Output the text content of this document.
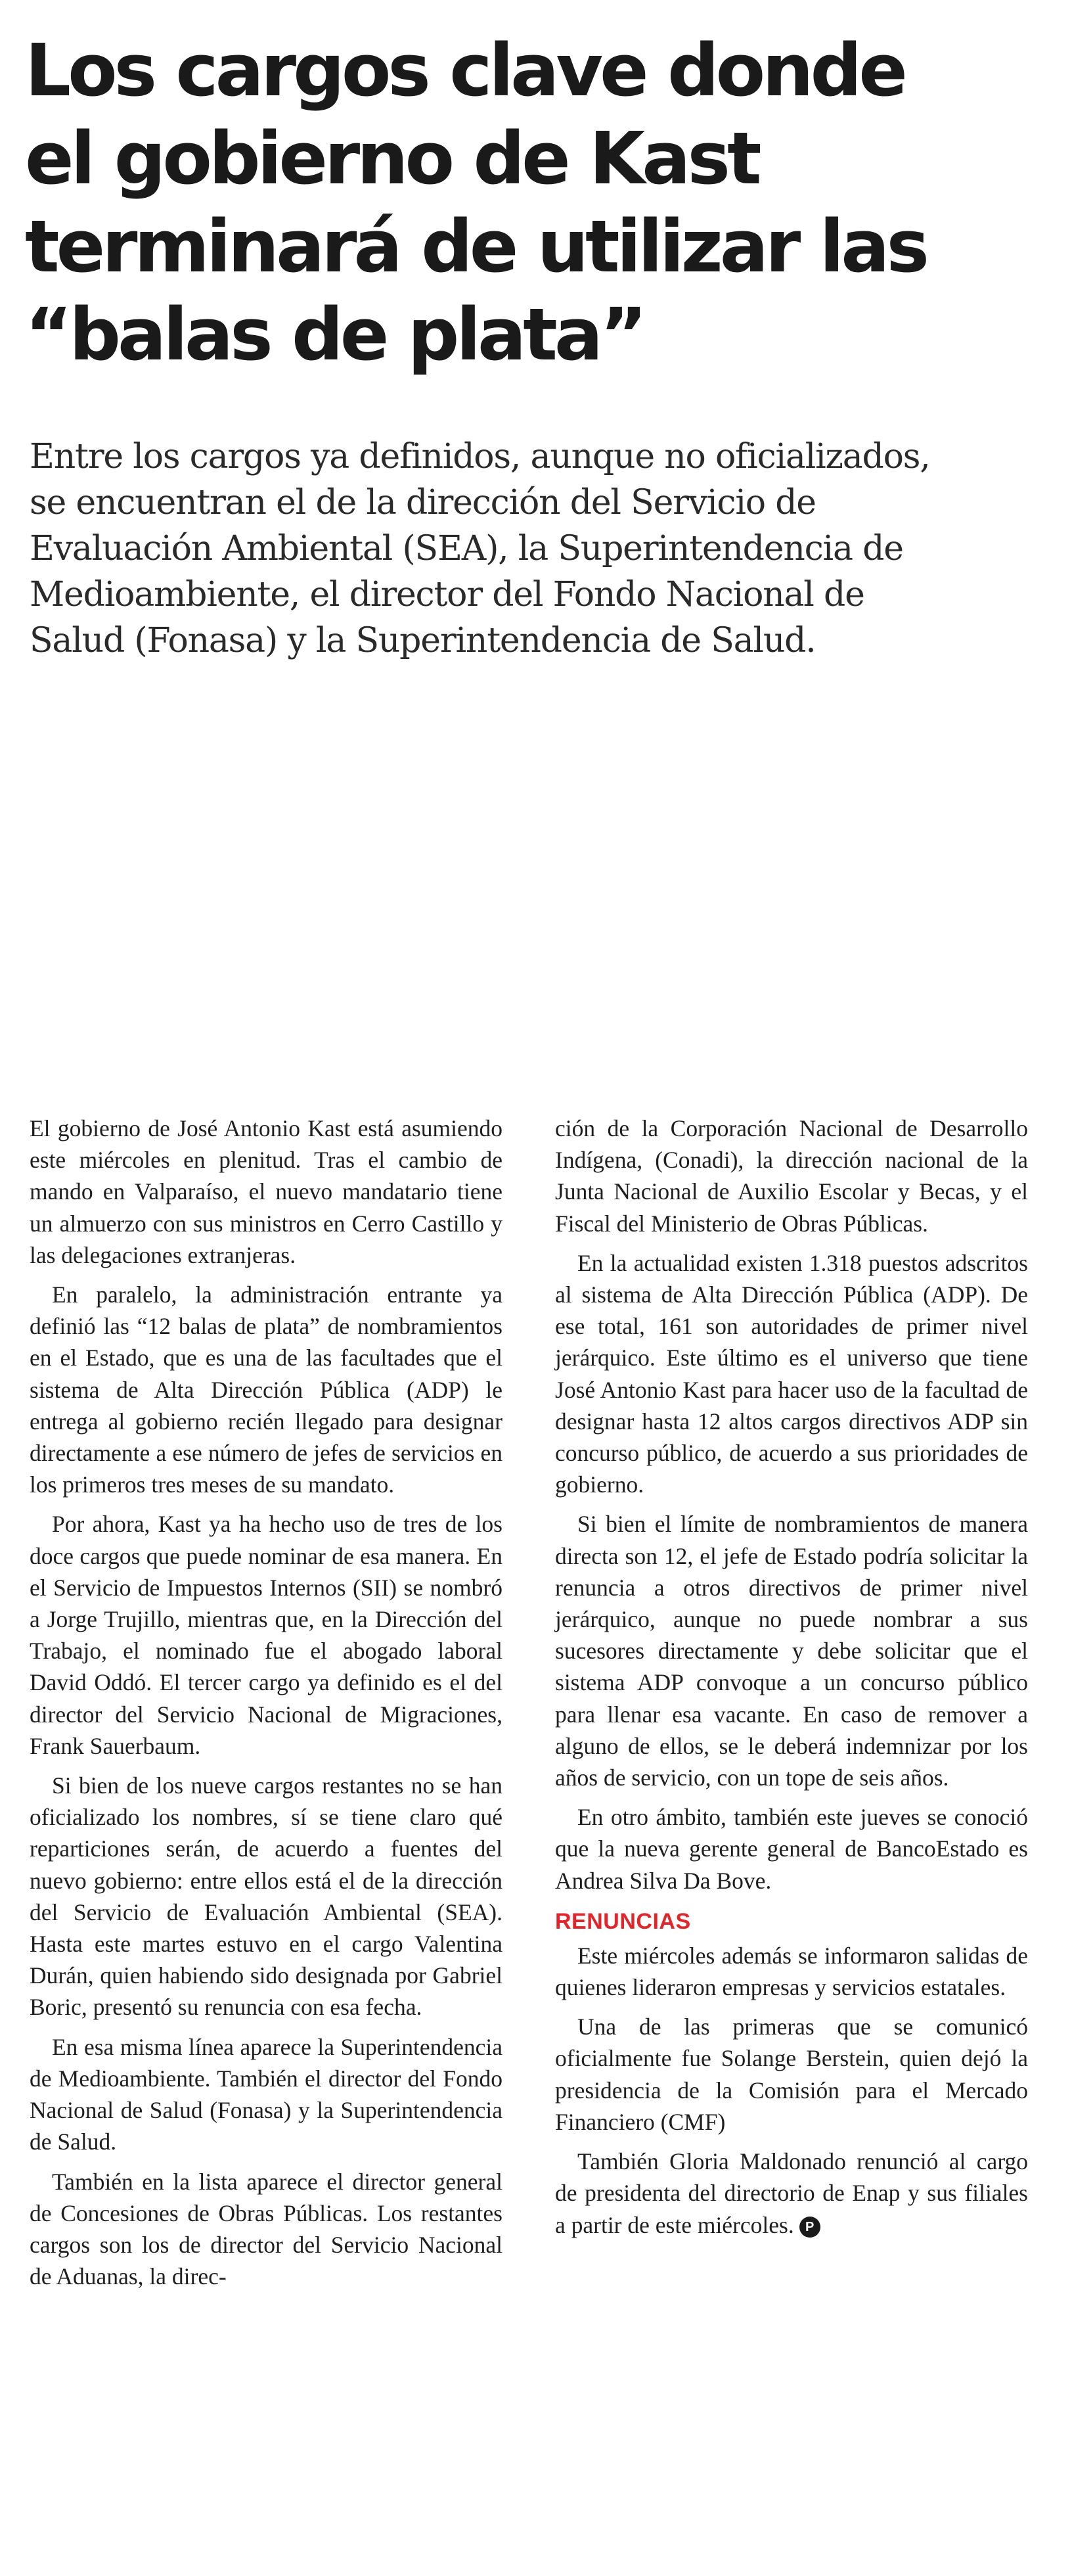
Los cargos clave donde
el gobierno de Kast
terminará de utilizar las
“balas de plata”
Entre los cargos ya definidos, aunque no oficializados,
se encuentran el de la dirección del Servicio de
Evaluación Ambiental (SEA), la Superintendencia de
Medioambiente, el director del Fondo Nacional de
Salud (Fonasa) y la Superintendencia de Salud.

El gobierno de José Antonio Kast está asumiendo este miércoles en plenitud. Tras el cambio de mando en Valparaíso, el nuevo mandatario tiene un almuerzo con sus ministros en Cerro Castillo y las delegaciones extranjeras.

En paralelo, la administración entrante ya definió las “12 balas de plata” de nombramientos en el Estado, que es una de las facultades que el sistema de Alta Dirección Pública (ADP) le entrega al gobierno recién llegado para designar directamente a ese número de jefes de servicios en los primeros tres meses de su mandato.

Por ahora, Kast ya ha hecho uso de tres de los doce cargos que puede nominar de esa manera. En el Servicio de Impuestos Internos (SII) se nombró a Jorge Trujillo, mientras que, en la Dirección del Trabajo, el nominado fue el abogado laboral David Oddó. El tercer cargo ya definido es el del director del Servicio Nacional de Migraciones, Frank Sauerbaum.

Si bien de los nueve cargos restantes no se han oficializado los nombres, sí se tiene claro qué reparticiones serán, de acuerdo a fuentes del nuevo gobierno: entre ellos está el de la dirección del Servicio de Evaluación Ambiental (SEA). Hasta este martes estuvo en el cargo Valentina Durán, quien habiendo sido designada por Gabriel Boric, presentó su renuncia con esa fecha.

En esa misma línea aparece la Superintendencia de Medioambiente. También el director del Fondo Nacional de Salud (Fonasa) y la Superintendencia de Salud.

También en la lista aparece el director general de Concesiones de Obras Públicas. Los restantes cargos son los de director del Servicio Nacional de Aduanas, la direc-

ción de la Corporación Nacional de Desarrollo Indígena, (Conadi), la dirección nacional de la Junta Nacional de Auxilio Escolar y Becas, y el Fiscal del Ministerio de Obras Públicas.

En la actualidad existen 1.318 puestos adscritos al sistema de Alta Dirección Pública (ADP). De ese total, 161 son autoridades de primer nivel jerárquico. Este último es el universo que tiene José Antonio Kast para hacer uso de la facultad de designar hasta 12 altos cargos directivos ADP sin concurso público, de acuerdo a sus prioridades de gobierno.

Si bien el límite de nombramientos de manera directa son 12, el jefe de Estado podría solicitar la renuncia a otros directivos de primer nivel jerárquico, aunque no puede nombrar a sus sucesores directamente y debe solicitar que el sistema ADP convoque a un concurso público para llenar esa vacante. En caso de remover a alguno de ellos, se le deberá indemnizar por los años de servicio, con un tope de seis años.

En otro ámbito, también este jueves se conoció que la nueva gerente general de BancoEstado es Andrea Silva Da Bove.

RENUNCIAS

Este miércoles además se informaron salidas de quienes lideraron empresas y servicios estatales.

Una de las primeras que se comunicó oficialmente fue Solange Berstein, quien dejó la presidencia de la Comisión para el Mercado Financiero (CMF)

También Gloria Maldonado renunció al cargo de presidenta del directorio de Enap y sus filiales a partir de este miércoles. P
